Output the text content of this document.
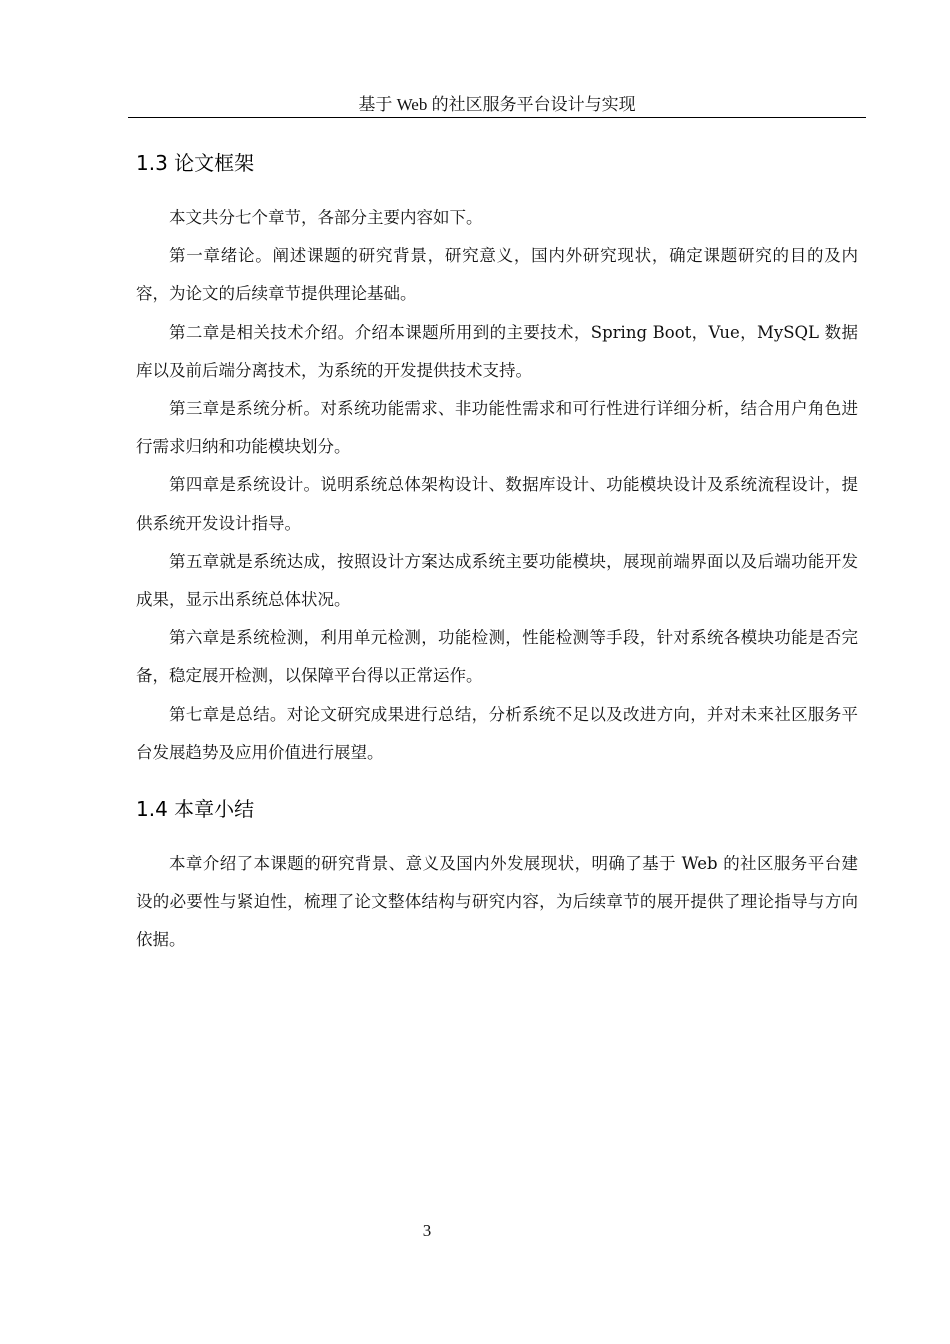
基于 Web 的社区服务平台设计与实现
1.3 论文框架

本文共分七个章节，各部分主要内容如下。

第一章绪论。阐述课题的研究背景，研究意义，国内外研究现状，确定课题研究的目的及内容，为论文的后续章节提供理论基础。

第二章是相关技术介绍。介绍本课题所用到的主要技术，Spring Boot，Vue，MySQL 数据库以及前后端分离技术，为系统的开发提供技术支持。

第三章是系统分析。对系统功能需求、非功能性需求和可行性进行详细分析，结合用户角色进行需求归纳和功能模块划分。

第四章是系统设计。说明系统总体架构设计、数据库设计、功能模块设计及系统流程设计，提供系统开发设计指导。

第五章就是系统达成，按照设计方案达成系统主要功能模块，展现前端界面以及后端功能开发成果，显示出系统总体状况。

第六章是系统检测，利用单元检测，功能检测，性能检测等手段，针对系统各模块功能是否完备，稳定展开检测，以保障平台得以正常运作。

第七章是总结。对论文研究成果进行总结，分析系统不足以及改进方向，并对未来社区服务平台发展趋势及应用价值进行展望。

1.4 本章小结

本章介绍了本课题的研究背景、意义及国内外发展现状，明确了基于 Web 的社区服务平台建设的必要性与紧迫性，梳理了论文整体结构与研究内容，为后续章节的展开提供了理论指导与方向依据。

3
